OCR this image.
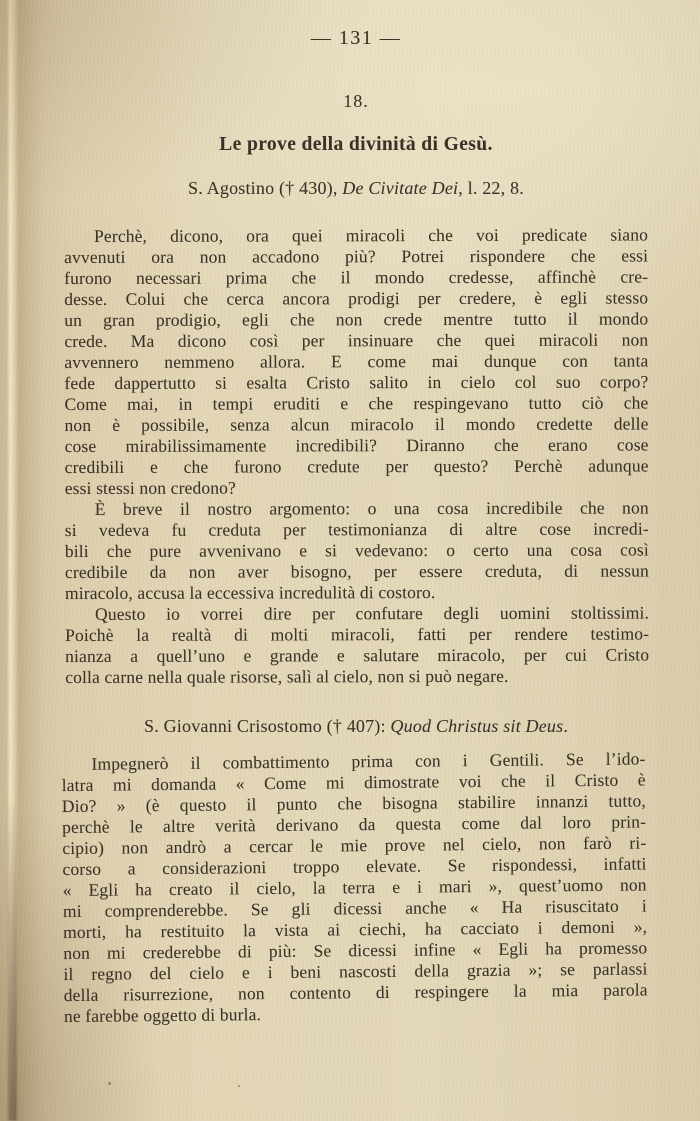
— 131 —
18.
Le prove della divinità di Gesù.
S. Agostino († 430), De Civitate Dei, l. 22, 8.
Perchè, dicono, ora quei miracoli che voi predicate siano
avvenuti ora non accadono più? Potrei rispondere che essi
furono necessari prima che il mondo credesse, affinchè cre-
desse. Colui che cerca ancora prodigi per credere, è egli stesso
un gran prodigio, egli che non crede mentre tutto il mondo
crede. Ma dicono così per insinuare che quei miracoli non
avvennero nemmeno allora. E come mai dunque con tanta
fede dappertutto si esalta Cristo salito in cielo col suo corpo?
Come mai, in tempi eruditi e che respingevano tutto ciò che
non è possibile, senza alcun miracolo il mondo credette delle
cose mirabilissimamente incredibili? Diranno che erano cose
credibili e che furono credute per questo? Perchè adunque
essi stessi non credono?
È breve il nostro argomento: o una cosa incredibile che non
si vedeva fu creduta per testimonianza di altre cose incredi-
bili che pure avvenivano e si vedevano: o certo una cosa così
credibile da non aver bisogno, per essere creduta, di nessun
miracolo, accusa la eccessiva incredulità di costoro.
Questo io vorrei dire per confutare degli uomini stoltissimi.
Poichè la realtà di molti miracoli, fatti per rendere testimo-
nianza a quell’uno e grande e salutare miracolo, per cui Cristo
colla carne nella quale risorse, salì al cielo, non si può negare.
S. Giovanni Crisostomo († 407): Quod Christus sit Deus.
Impegnerò il combattimento prima con i Gentili. Se l’ido-
latra mi domanda « Come mi dimostrate voi che il Cristo è
Dio? » (è questo il punto che bisogna stabilire innanzi tutto,
perchè le altre verità derivano da questa come dal loro prin-
cipio) non andrò a cercar le mie prove nel cielo, non farò ri-
corso a considerazioni troppo elevate. Se rispondessi, infatti
« Egli ha creato il cielo, la terra e i mari », quest’uomo non
mi comprenderebbe. Se gli dicessi anche « Ha risuscitato i
morti, ha restituito la vista ai ciechi, ha cacciato i demoni »,
non mi crederebbe di più: Se dicessi infine « Egli ha promesso
il regno del cielo e i beni nascosti della grazia »; se parlassi
della risurrezione, non contento di respingere la mia parola
ne farebbe oggetto di burla.
